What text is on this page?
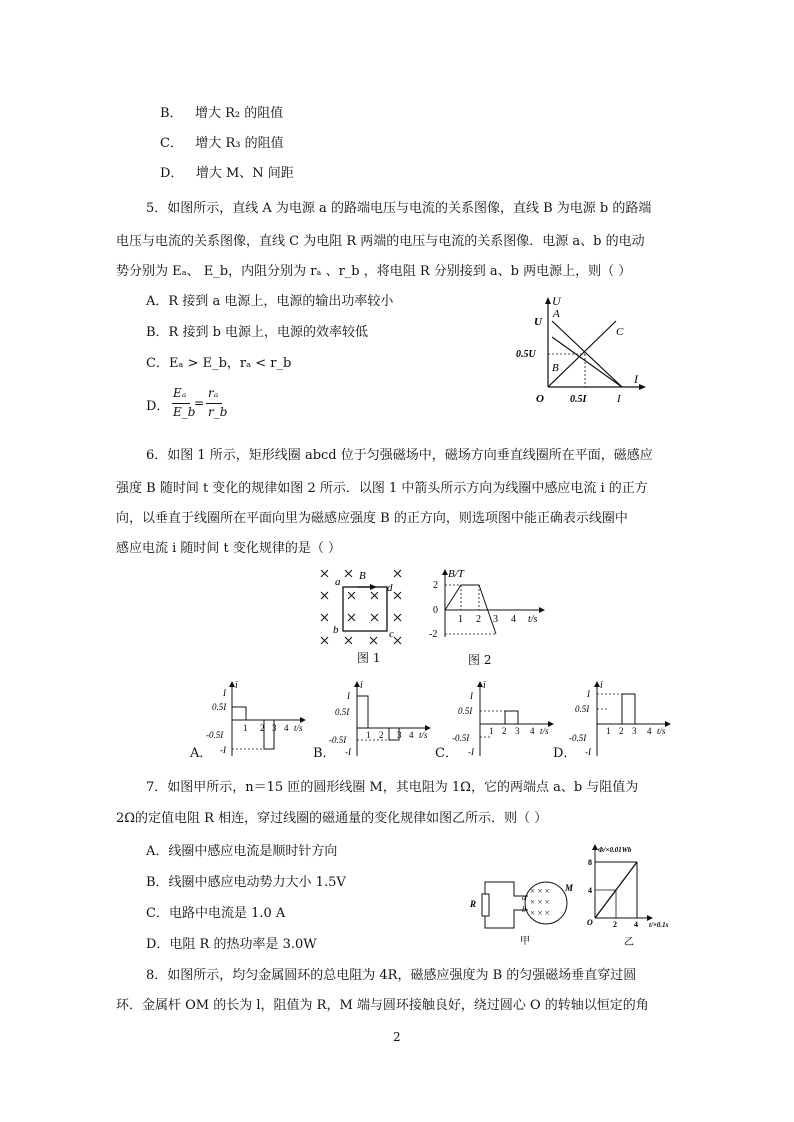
B． 增大 R₂ 的阻值
C． 增大 R₃ 的阻值
D． 增大 M、N 间距
5．如图所示，直线 A 为电源 a 的路端电压与电流的关系图像，直线 B 为电源 b 的路端
电压与电流的关系图像，直线 C 为电阻 R 两端的电压与电流的关系图像．电源 a、b 的电动
势分别为 Eₐ、 E_b，内阻分别为 rₐ 、r_b ，将电阻 R 分别接到 a、b 两电源上，则（ ）
A．R 接到 a 电源上，电源的输出功率较小
B．R 接到 b 电源上，电源的效率较低
C．Eₐ > E_b，rₐ < r_b
D．
Eₐ
E_b
=
rₐ
r_b
U
I
O
U
A
C
0.5U
B
0.5I	I
6．如图 1 所示，矩形线圈 abcd 位于匀强磁场中，磁场方向垂直线圈所在平面，磁感应
强度 B 随时间 t 变化的规律如图 2 所示．以图 1 中箭头所示方向为线圈中感应电流 i 的正方
向，以垂直于线圈所在平面向里为磁感应强度 B 的正方向，则选项图中能正确表示线圈中
感应电流 i 随时间 t 变化规律的是（ ）
B
a	d
b	c
图 1
B/T
2
0
-2
1 2 3 4 t/s
图 2
A．
i
I
0.5I
-0.5I
-I
1 2 3 4 t/s
B．
i
I
0.5I
-0.5I
-I
1 2 3 4 t/s
C．
i
I
0.5I
-0.5I
-I
1 2 3 4 t/s
D．
i
I
0.5I
-0.5I
-I
1 2 3 4 t/s
7．如图甲所示，n＝15 匝的圆形线圈 M，其电阻为 1Ω，它的两端点 a、b 与阻值为
2Ω的定值电阻 R 相连，穿过线圈的磁通量的变化规律如图乙所示．则（ ）
A．线圈中感应电流是顺时针方向
B．线圈中感应电动势力大小 1.5V
C．电路中电流是 1.0 A
D．电阻 R 的热功率是 3.0W
× × ×
× × ×
× × ×
R
M
a
b
甲
Φ/×0.01Wb
8
4
O	2 4 t/×0.1s
乙
8．如图所示，均匀金属圆环的总电阻为 4R，磁感应强度为 B 的匀强磁场垂直穿过圆
环．金属杆 OM 的长为 l，阻值为 R，M 端与圆环接触良好，绕过圆心 O 的转轴以恒定的角
2
